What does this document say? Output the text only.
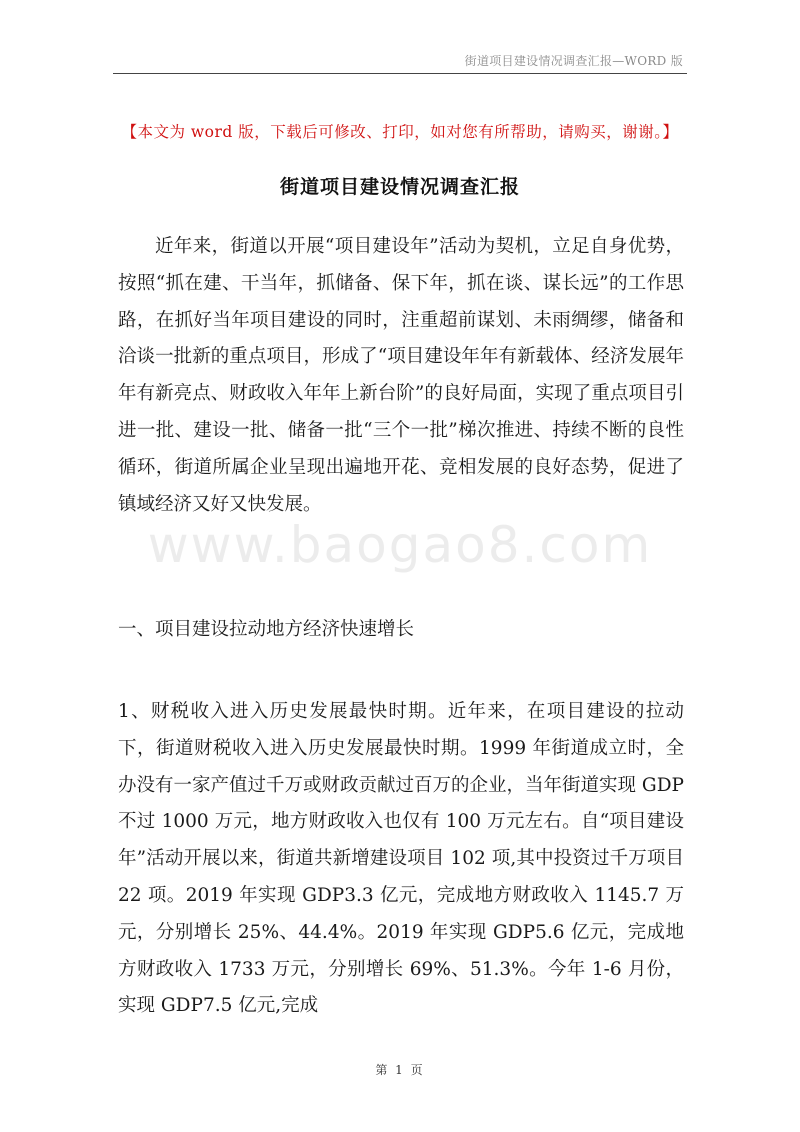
街道项目建设情况调查汇报—WORD 版
【本文为 word 版，下载后可修改、打印，如对您有所帮助，请购买，谢谢。】
街道项目建设情况调查汇报

近年来，街道以开展“项目建设年”活动为契机，立足自身优势，按照“抓在建、干当年，抓储备、保下年，抓在谈、谋长远”的工作思路，在抓好当年项目建设的同时，注重超前谋划、未雨绸缪，储备和洽谈一批新的重点项目，形成了“项目建设年年有新载体、经济发展年年有新亮点、财政收入年年上新台阶”的良好局面，实现了重点项目引进一批、建设一批、储备一批“三个一批”梯次推进、持续不断的良性循环，街道所属企业呈现出遍地开花、竞相发展的良好态势，促进了镇域经济又好又快发展。

www.baogao8.com

一、项目建设拉动地方经济快速增长

1、财税收入进入历史发展最快时期。近年来，在项目建设的拉动下，街道财税收入进入历史发展最快时期。1999 年街道成立时，全办没有一家产值过千万或财政贡献过百万的企业，当年街道实现 GDP 不过 1000 万元，地方财政收入也仅有 100 万元左右。自“项目建设年”活动开展以来，街道共新增建设项目 102 项,其中投资过千万项目 22 项。2019 年实现 GDP3.3 亿元，完成地方财政收入 1145.7 万元，分别增长 25%、44.4%。2019 年实现 GDP5.6 亿元，完成地方财政收入 1733 万元，分别增长 69%、51.3%。今年 1-6 月份，实现 GDP7.5 亿元,完成

第 1 页
